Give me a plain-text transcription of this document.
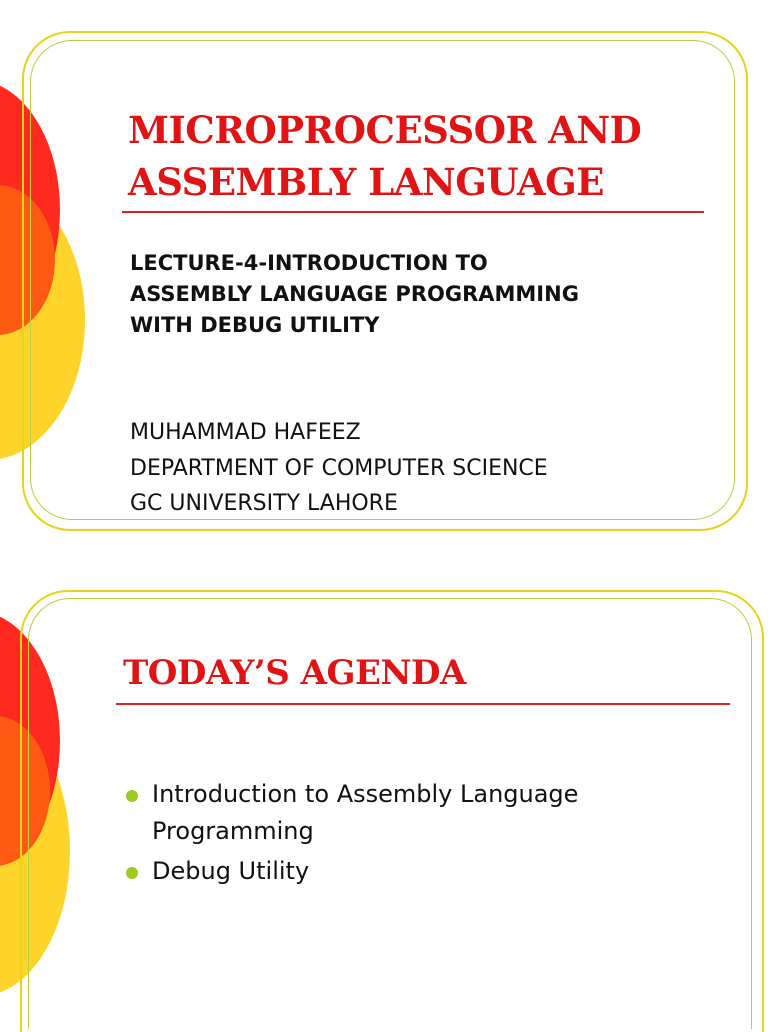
MICROPROCESSOR AND
ASSEMBLY LANGUAGE
LECTURE-4-INTRODUCTION TO
ASSEMBLY LANGUAGE PROGRAMMING
WITH DEBUG UTILITY
MUHAMMAD HAFEEZ
DEPARTMENT OF COMPUTER SCIENCE
GC UNIVERSITY LAHORE
TODAY’S AGENDA
Introduction to Assembly Language
Programming
Debug Utility
